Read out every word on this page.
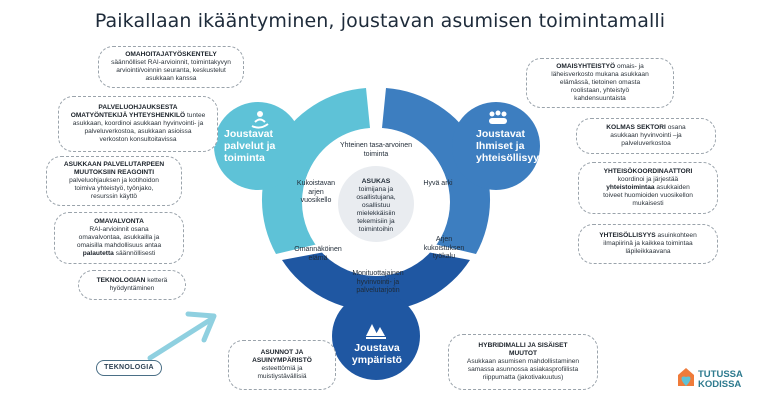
Paikallaan ikääntyminen, joustavan asumisen toimintamalli
TUTUSSA
KODISSA
Joustavat
palvelut ja
toiminta
Joustavat
Ihmiset ja
yhteisöllisyys
Joustava
ympäristö
ASUKAS
toimijana ja
osallistujana,
osallistuu
mielekkäisiin
tekemisiin ja
toimintoihin
Yhteinen tasa-arvoinen
toiminta
Kukoistavan
arjen
vuosikello
Hyvä arki
Arjen
kukoistuksen
työkalu
Omannäköinen
elämä
Monituottajainen
hyvinvointi- ja
palvelutarjotin
OMAHOITAJATYÖSKENTELY
säännölliset RAI-arvioinnit, toimintakyvyn
arviointi/voinnin seuranta, keskustelut
asukkaan kanssa
PALVELUOHJAUKSESTA
OMATYÖNTEKIJÄ YHTEYSHENKILÖ tuntee
asukkaan, koordinoi asukkaan hyvinvointi- ja
palveluverkostoa, asukkaan asioissa
verkoston konsultoitavissa
ASUKKAAN PALVELUTARPEEN
MUUTOKSIIN REAGOINTI
palveluohjauksen ja kotihoidon
toimiva yhteistyö, työnjako,
resurssin käyttö
OMAVALVONTA
RAI-arvioinnit osana
omavalvontaa, asukkailla ja
omaisilla mahdollisuus antaa
palautetta säännöllisesti
TEKNOLOGIAN ketterä
hyödyntäminen
OMAISYHTEISTYÖ omais- ja
läheisverkosto mukana asukkaan
elämässä, tietoinen omasta
roolistaan, yhteistyö
kahdensuuntaista
KOLMAS SEKTORI osana
asukkaan hyvinvointi –ja
palveluverkostoa
YHTEISÖKOORDINAATTORI
koordinoi ja järjestää
yhteistoimintaa asukkaiden
toiveet huomioiden vuosikellon
mukaisesti
YHTEISÖLLISYYS asuinkohteen
ilmapiirinä ja kaikkea toimintaa
läpileikkaavana
ASUNNOT JA
ASUINYMPÄRISTÖ
esteettömiä ja
muistiystävällisiä
HYBRIDIMALLI JA SISÄISET
MUUTOT
Asukkaan asumisen mahdollistaminen
samassa asunnossa asiakasprofiilista
riippumatta (jakotivakuutus)
TEKNOLOGIA
